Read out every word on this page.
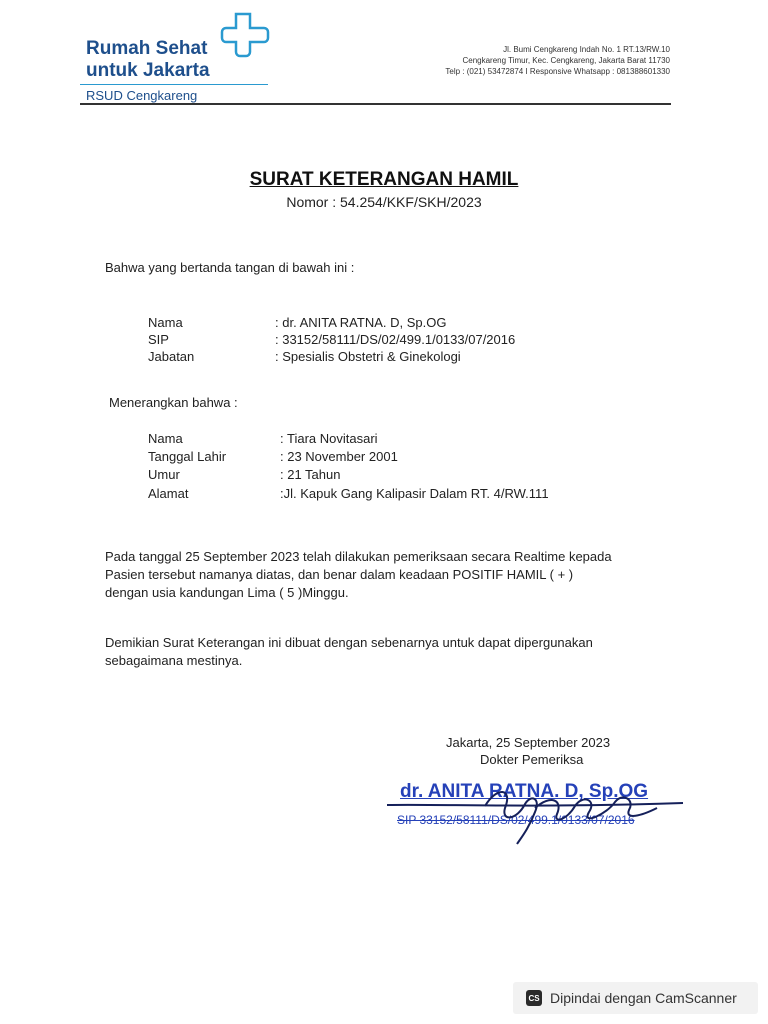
Rumah Sehat
untuk Jakarta
RSUD Cengkareng
Jl. Bumi Cengkareng Indah No. 1 RT.13/RW.10
Cengkareng Timur, Kec. Cengkareng, Jakarta Barat 11730
Telp : (021) 53472874 I Responsive Whatsapp : 081388601330
SURAT KETERANGAN HAMIL
Nomor : 54.254/KKF/SKH/2023
Bahwa yang bertanda tangan di bawah ini :
Nama	: dr. ANITA RATNA. D, Sp.OG
SIP	: 33152/58111/DS/02/499.1/0133/07/2016
Jabatan	: Spesialis Obstetri & Ginekologi
Menerangkan bahwa :
Nama	: Tiara Novitasari
Tanggal Lahir	: 23 November 2001
Umur	: 21 Tahun
Alamat	:Jl. Kapuk Gang Kalipasir Dalam RT. 4/RW.111
Pada tanggal 25 September 2023 telah dilakukan pemeriksaan secara Realtime kepada
Pasien tersebut namanya diatas, dan benar dalam keadaan POSITIF HAMIL ( + )
dengan usia kandungan Lima ( 5 )Minggu.
Demikian Surat Keterangan ini dibuat dengan sebenarnya untuk dapat dipergunakan
sebagaimana mestinya.
Jakarta, 25 September 2023
Dokter Pemeriksa
dr. ANITA RATNA. D, Sp.OG
SIP 33152/58111/DS/02/499.1/0133/07/2016
CS Dipindai dengan CamScanner
